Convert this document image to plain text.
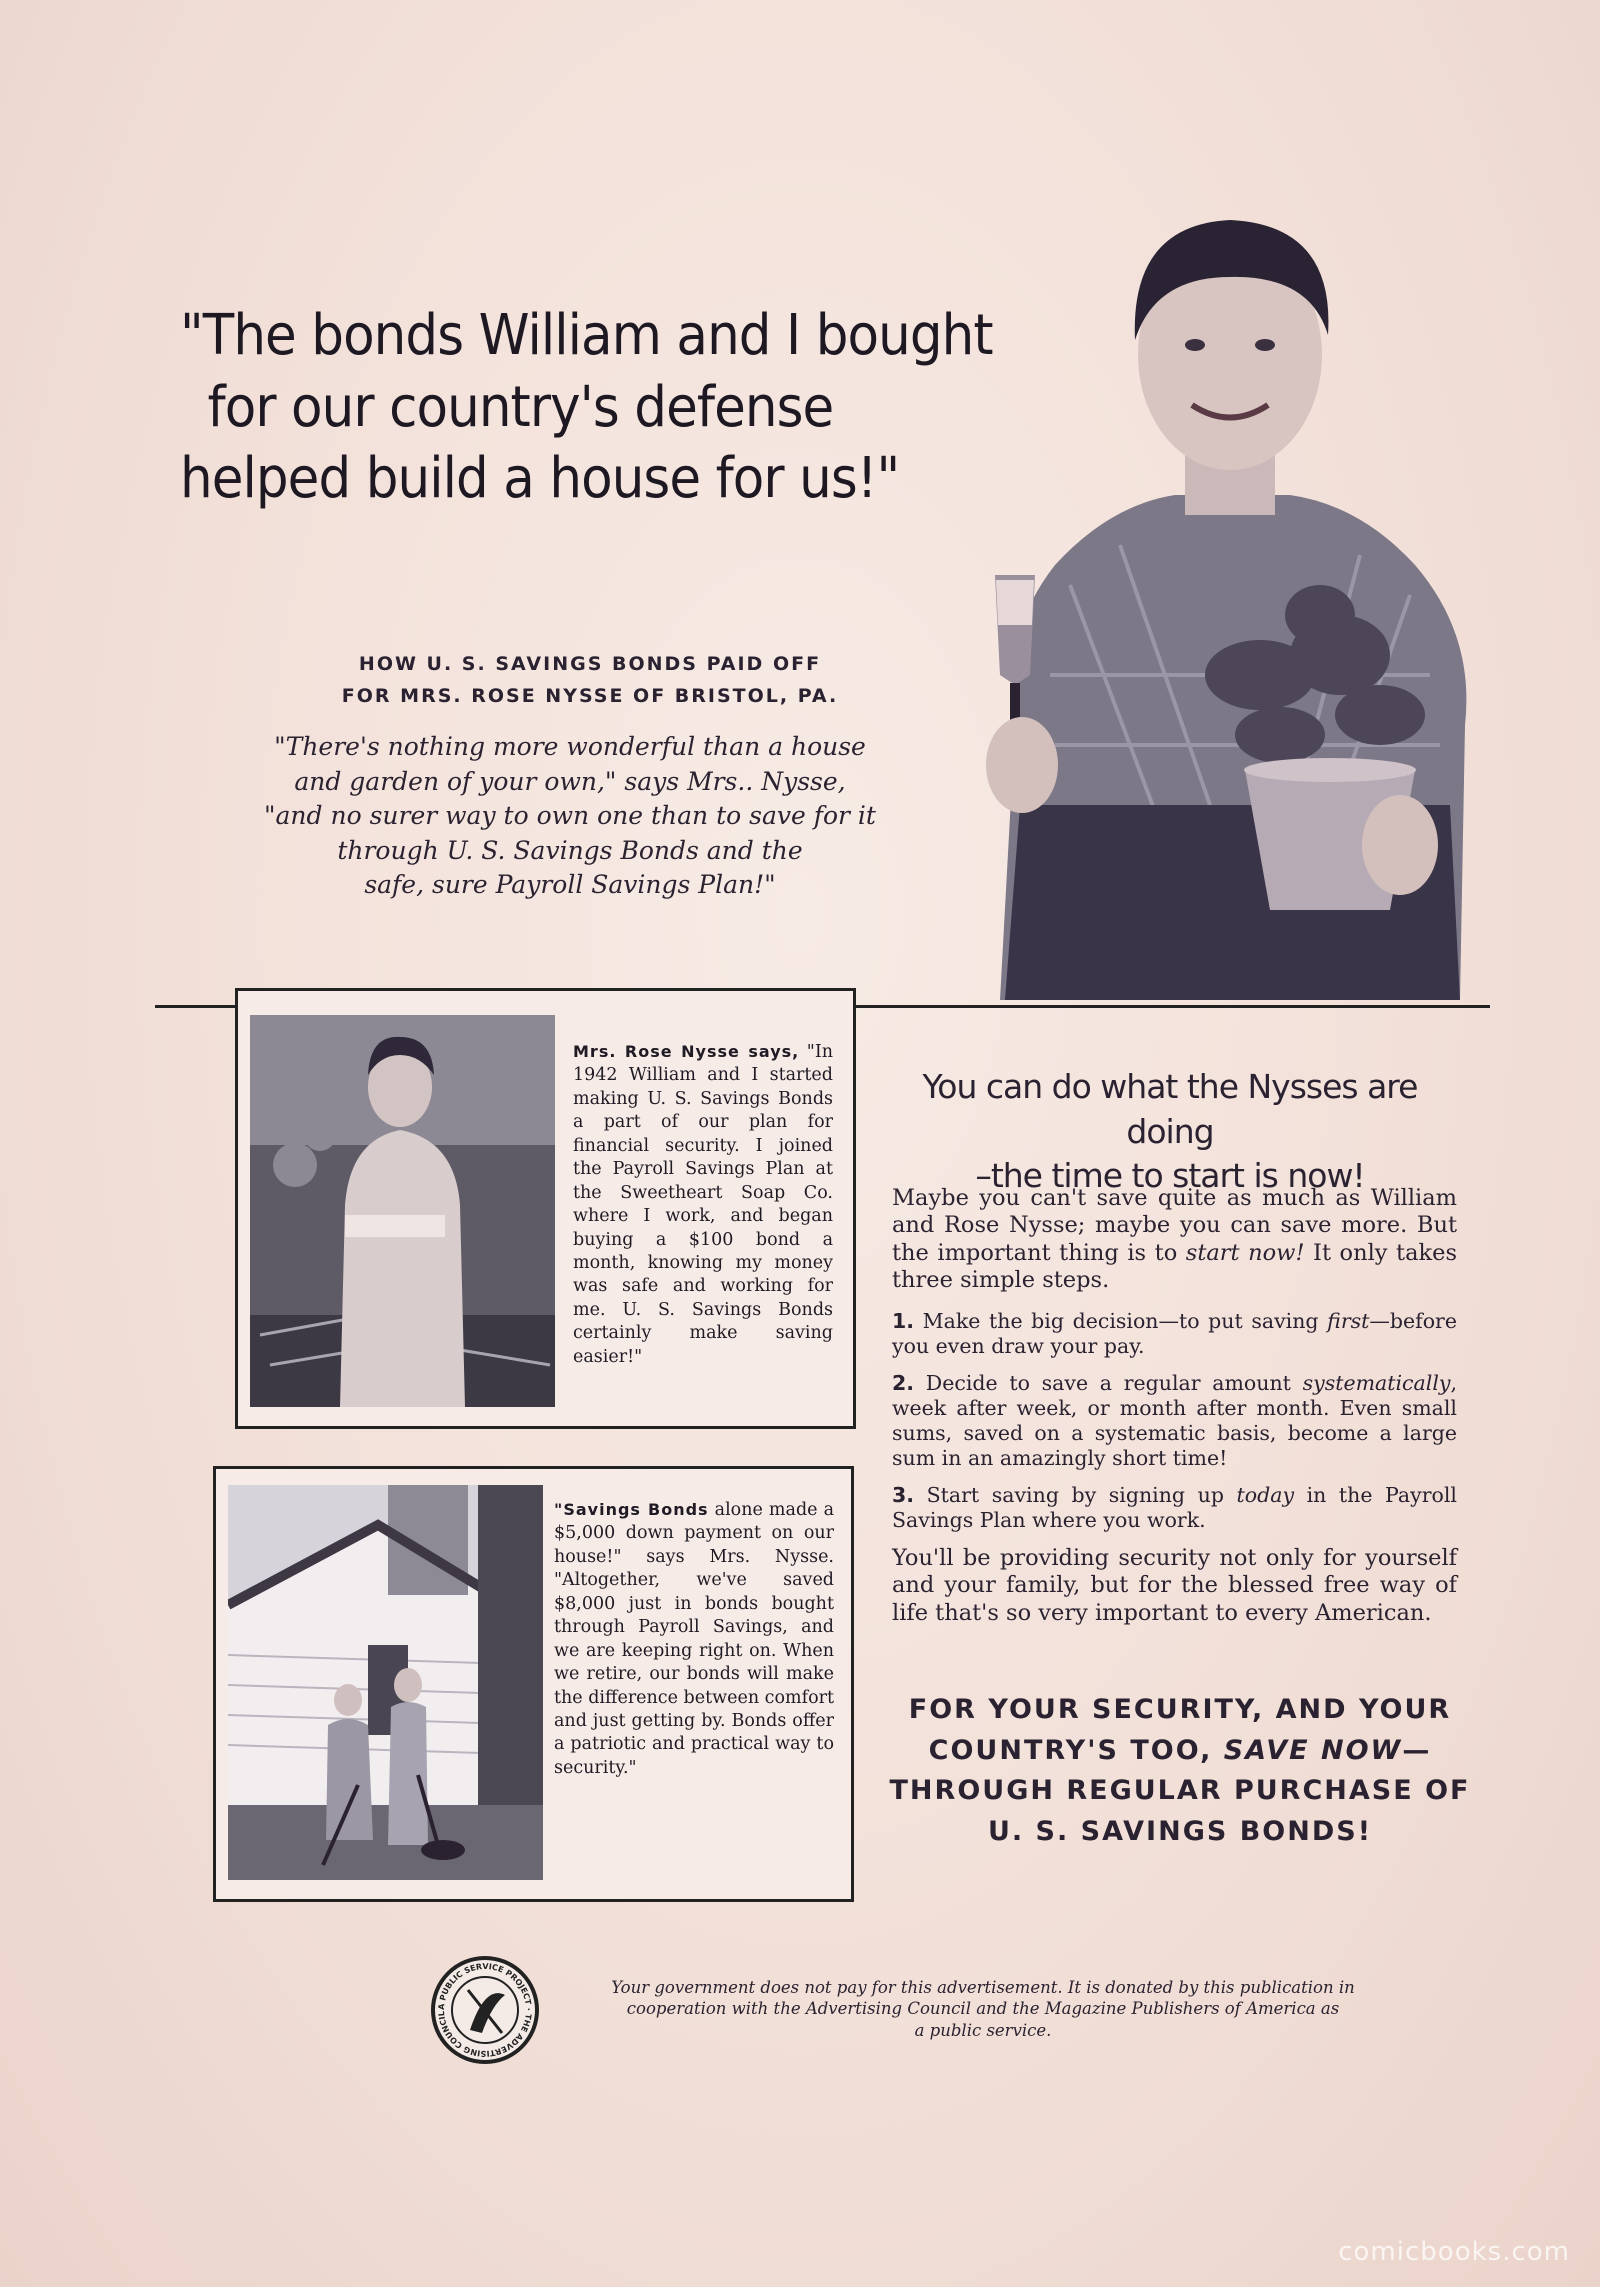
"The bonds William and I bought
for our country's defense
helped build a house for us!"
HOW U. S. SAVINGS BONDS PAID OFF
FOR MRS. ROSE NYSSE OF BRISTOL, PA.
"There's nothing more wonderful than a house
and garden of your own," says Mrs.. Nysse,
"and no surer way to own one than to save for it
through U. S. Savings Bonds and the
safe, sure Payroll Savings Plan!"
Mrs. Rose Nysse says, "In 1942 William and I started making U. S. Savings Bonds a part of our plan for financial security. I joined the Payroll Savings Plan at the Sweetheart Soap Co. where I work, and began buying a $100 bond a month, knowing my money was safe and working for me. U. S. Savings Bonds certainly make saving easier!"
"Savings Bonds alone made a $5,000 down payment on our house!" says Mrs. Nysse. "Altogether, we've saved $8,000 just in bonds bought through Payroll Savings, and we are keeping right on. When we retire, our bonds will make the difference between comfort and just getting by. Bonds offer a patriotic and practical way to security."
You can do what the Nysses are doing
–the time to start is now!

Maybe you can't save quite as much as William and Rose Nysse; maybe you can save more. But the important thing is to start now! It only takes three simple steps.

1. Make the big decision—to put saving first—before you even draw your pay.

2. Decide to save a regular amount systematically, week after week, or month after month. Even small sums, saved on a systematic basis, become a large sum in an amazingly short time!

3. Start saving by signing up today in the Payroll Savings Plan where you work.

You'll be providing security not only for yourself and your family, but for the blessed free way of life that's so very important to every American.

FOR YOUR SECURITY, AND YOUR
COUNTRY'S TOO, SAVE NOW—
THROUGH REGULAR PURCHASE OF
U. S. SAVINGS BONDS!
A PUBLIC SERVICE PROJECT · THE ADVERTISING COUNCIL
Your government does not pay for this advertisement. It is donated by this publication in
cooperation with the Advertising Council and the Magazine Publishers of America as
a public service.
comicbooks.com
